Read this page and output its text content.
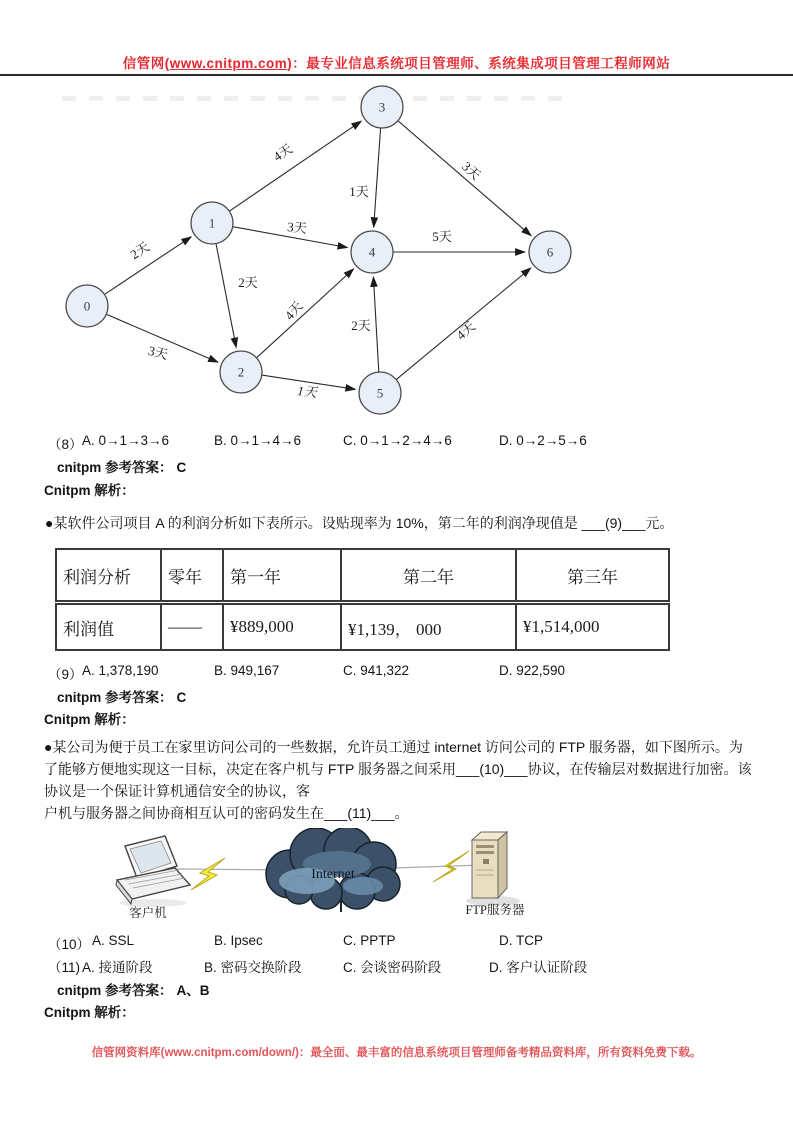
信管网(www.cnitpm.com)：最专业信息系统项目管理师、系统集成项目管理工程师网站
0
1
2
3
4
5
6
2天
3天
4天
3天
2天
4天
1天
1天
3天
5天
2天	4天
（8） A. 0→1→3→6	B. 0→1→4→6	C. 0→1→2→4→6	D. 0→2→5→6
cnitpm 参考答案： C
Cnitpm 解析：
●某软件公司项目 A 的利润分析如下表所示。设贴现率为 10%，第二年的利润净现值是 ___(9)___元。
利润分析	零年	第一年	第二年	第三年
利润值	——	¥889,000	¥1,139， 000	¥1,514,000
（9） A. 1,378,190	B. 949,167	C. 941,322	D. 922,590
cnitpm 参考答案： C
Cnitpm 解析：
●某公司为便于员工在家里访问公司的一些数据，允许员工通过 internet 访问公司的 FTP 服务器，如下图所示。为
了能够方便地实现这一目标，决定在客户机与 FTP 服务器之间采用___(10)___协议，在传输层对数据进行加密。该
协议是一个保证计算机通信安全的协议，客
户机与服务器之间协商相互认可的密码发生在___(11)___。
Internet
客户机	FTP服务器
（10） A. SSL	B. Ipsec	C. PPTP	D. TCP
（11) A. 接通阶段	B. 密码交换阶段	C. 会谈密码阶段	D. 客户认证阶段
cnitpm 参考答案： A、B
Cnitpm 解析：
信管网资料库(www.cnitpm.com/down/)：最全面、最丰富的信息系统项目管理师备考精品资料库，所有资料免费下载。
